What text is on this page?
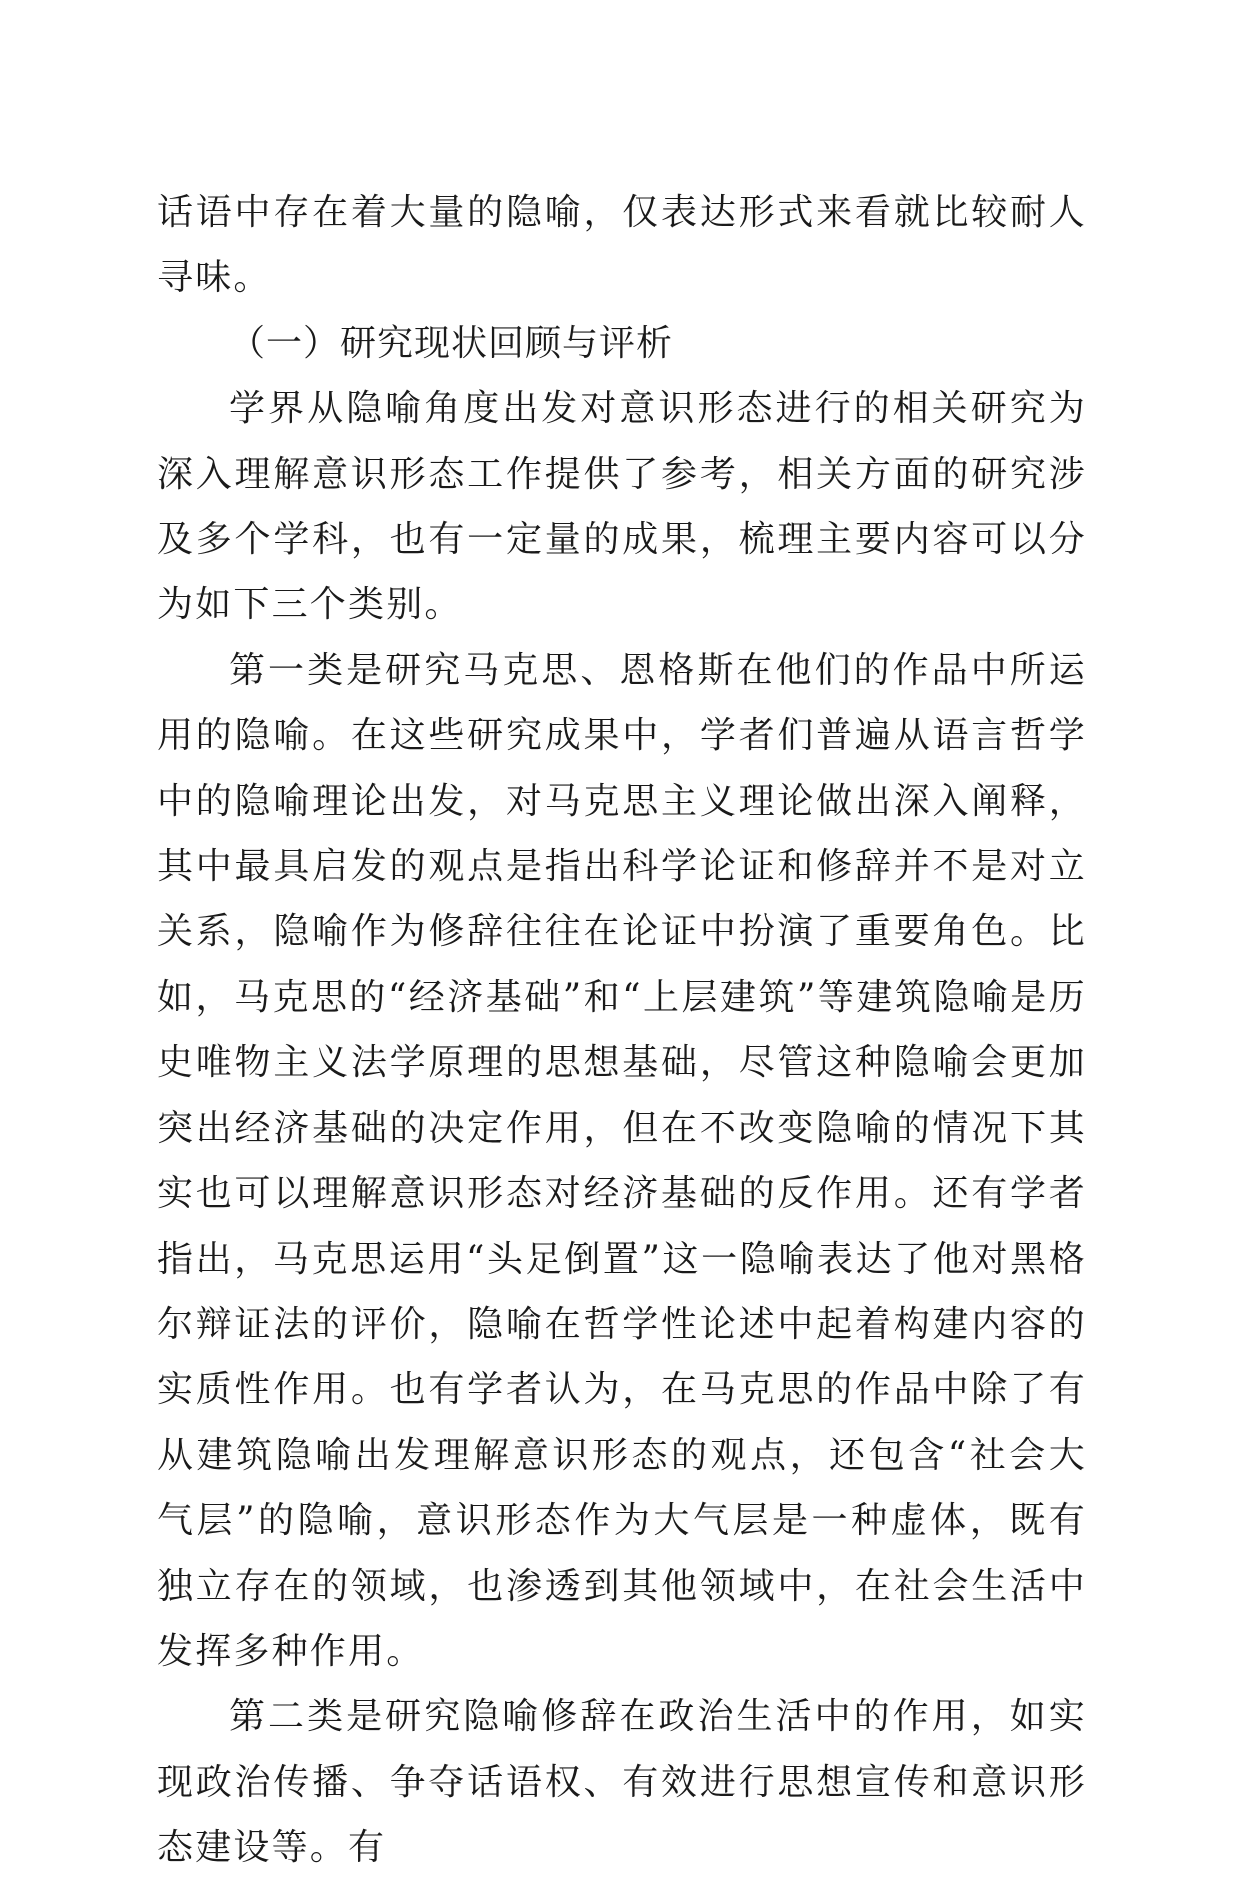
话语中存在着大量的隐喻，仅表达形式来看就比较耐人寻味。

（一）研究现状回顾与评析

学界从隐喻角度出发对意识形态进行的相关研究为深入理解意识形态工作提供了参考，相关方面的研究涉及多个学科，也有一定量的成果，梳理主要内容可以分为如下三个类别。

第一类是研究马克思、恩格斯在他们的作品中所运用的隐喻。在这些研究成果中，学者们普遍从语言哲学中的隐喻理论出发，对马克思主义理论做出深入阐释，其中最具启发的观点是指出科学论证和修辞并不是对立关系，隐喻作为修辞往往在论证中扮演了重要角色。比如，马克思的“经济基础”和“上层建筑”等建筑隐喻是历史唯物主义法学原理的思想基础，尽管这种隐喻会更加突出经济基础的决定作用，但在不改变隐喻的情况下其实也可以理解意识形态对经济基础的反作用。还有学者指出，马克思运用“头足倒置”这一隐喻表达了他对黑格尔辩证法的评价，隐喻在哲学性论述中起着构建内容的实质性作用。也有学者认为，在马克思的作品中除了有从建筑隐喻出发理解意识形态的观点，还包含“社会大气层”的隐喻，意识形态作为大气层是一种虚体，既有独立存在的领域，也渗透到其他领域中，在社会生活中发挥多种作用。

第二类是研究隐喻修辞在政治生活中的作用，如实现政治传播、争夺话语权、有效进行思想宣传和意识形态建设等。有
